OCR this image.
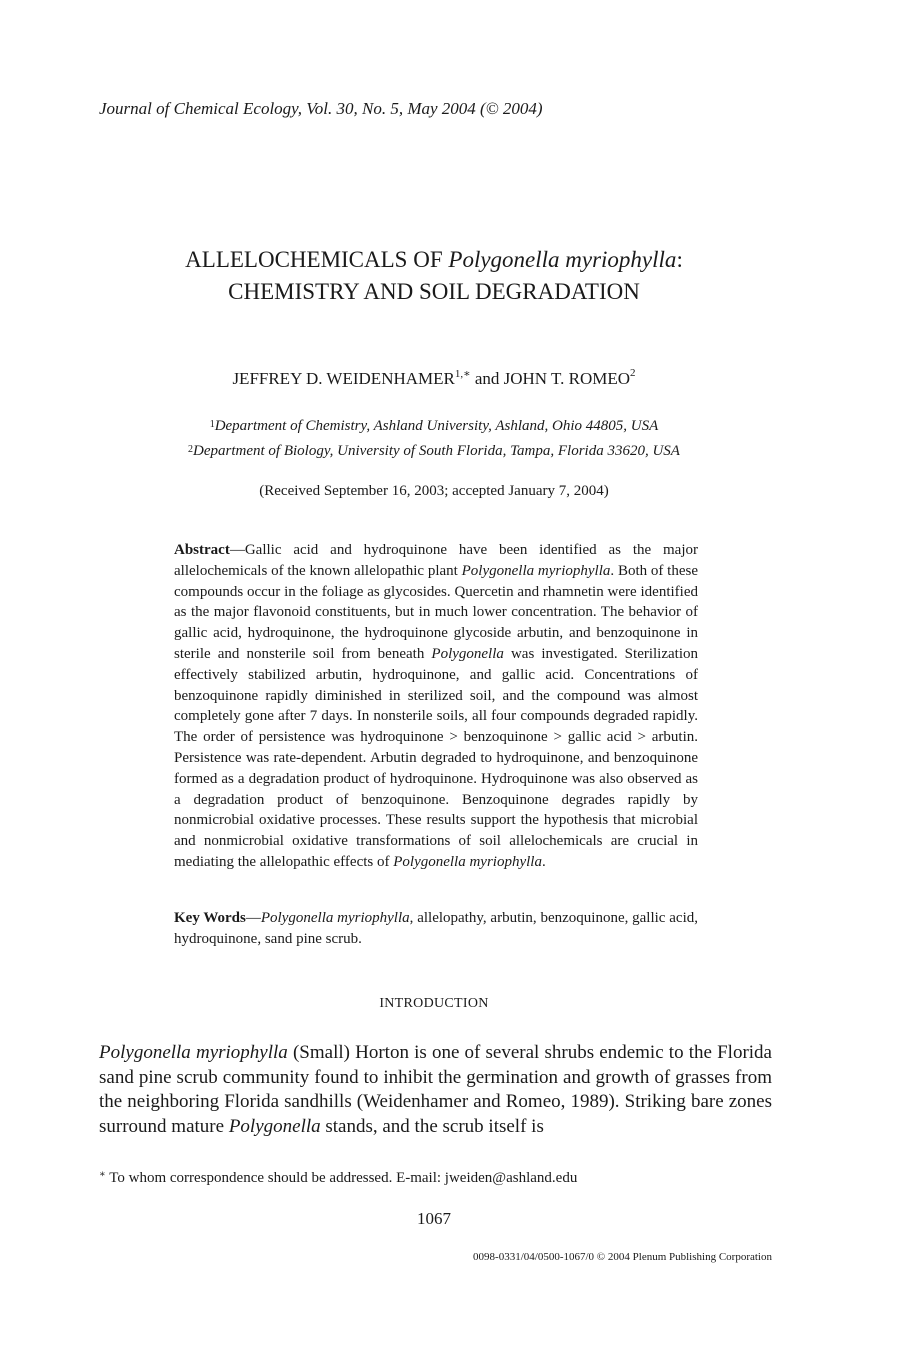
Journal of Chemical Ecology, Vol. 30, No. 5, May 2004 (© 2004)
ALLELOCHEMICALS OF Polygonella myriophylla:
CHEMISTRY AND SOIL DEGRADATION
JEFFREY D. $WEIDENHAMER^{1,∗}$ and JOHN T. ROMEO$^2$
$^1$Department of Chemistry, Ashland University, Ashland, Ohio 44805, USA
$^2$Department of Biology, University of South Florida, Tampa, Florida 33620, USA
(Received September 16, 2003; accepted January 7, 2004)
Abstract—Gallic acid and hydroquinone have been identified as the major allelochemicals of the known allelopathic plant Polygonella myriophylla. Both of these compounds occur in the foliage as glycosides. Quercetin and rhamnetin were identified as the major flavonoid constituents, but in much lower concentration. The behavior of gallic acid, hydroquinone, the hydroquinone glycoside arbutin, and benzoquinone in sterile and nonsterile soil from beneath Polygonella was investigated. Sterilization effectively stabilized arbutin, hydroquinone, and gallic acid. Concentrations of benzoquinone rapidly diminished in sterilized soil, and the compound was almost completely gone after 7 days. In nonsterile soils, all four compounds degraded rapidly. The order of persistence was hydroquinone > benzoquinone > gallic acid > arbutin. Persistence was rate-dependent. Arbutin degraded to hydroquinone, and benzoquinone formed as a degradation product of hydroquinone. Hydroquinone was also observed as a degradation product of benzoquinone. Benzoquinone degrades rapidly by nonmicrobial oxidative processes. These results support the hypothesis that microbial and nonmicrobial oxidative transformations of soil allelochemicals are crucial in mediating the allelopathic effects of Polygonella myriophylla.
Key Words—Polygonella myriophylla, allelopathy, arbutin, benzoquinone, gallic acid, hydroquinone, sand pine scrub.
INTRODUCTION
Polygonella myriophylla (Small) Horton is one of several shrubs endemic to the Florida sand pine scrub community found to inhibit the germination and growth of grasses from the neighboring Florida sandhills (Weidenhamer and Romeo, 1989). Striking bare zones surround mature Polygonella stands, and the scrub itself is
∗ To whom correspondence should be addressed. E-mail: jweiden@ashland.edu
1067
0098-0331/04/0500-1067/0 © 2004 Plenum Publishing Corporation
